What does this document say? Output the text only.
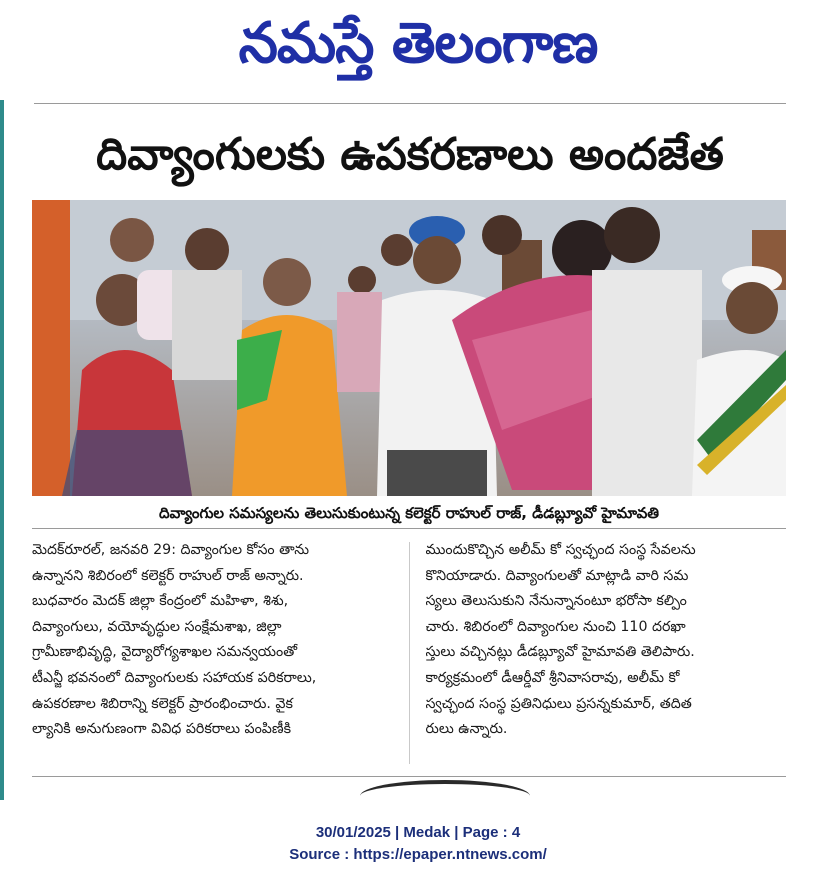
నమస్తే తెలంగాణ
దివ్యాంగులకు ఉపకరణాలు అందజేత
దివ్యాంగుల సమస్యలను తెలుసుకుంటున్న కలెక్టర్ రాహుల్ రాజ్, డీడబ్ల్యూవో హైమావతి

మెదక్‌రూరల్, జనవరి 29: దివ్యాంగుల కోసం తాను

ఉన్నానని శిబిరంలో కలెక్టర్ రాహుల్ రాజ్ అన్నారు.

బుధవారం మెదక్ జిల్లా కేంద్రంలో మహిళా, శిశు,

దివ్యాంగులు, వయోవృద్ధుల సంక్షేమశాఖ, జిల్లా

గ్రామీణాభివృద్ధి, వైద్యారోగ్యశాఖల సమన్వయంతో

టీఎన్జీ భవనంలో దివ్యాంగులకు సహాయక పరికరాలు,

ఉపకరణాల శిబిరాన్ని కలెక్టర్ ప్రారంభించారు. వైక

ల్యానికి అనుగుణంగా వివిధ పరికరాలు పంపిణీకి

ముందుకొచ్చిన అలీమ్ కో స్వచ్ఛంద సంస్థ సేవలను

కొనియాడారు. దివ్యాంగులతో మాట్లాడి వారి సమ

స్యలు తెలుసుకుని నేనున్నానంటూ భరోసా కల్పిం

చారు. శిబిరంలో దివ్యాంగుల నుంచి 110 దరఖా

స్తులు వచ్చినట్లు డీడబ్ల్యూవో హైమావతి తెలిపారు.

కార్యక్రమంలో డీఆర్డీవో శ్రీనివాసరావు, అలీమ్ కో

స్వచ్ఛంద సంస్థ ప్రతినిధులు ప్రసన్నకుమార్, తదిత

రులు ఉన్నారు.

30/01/2025 | Medak | Page : 4
Source : https://epaper.ntnews.com/
